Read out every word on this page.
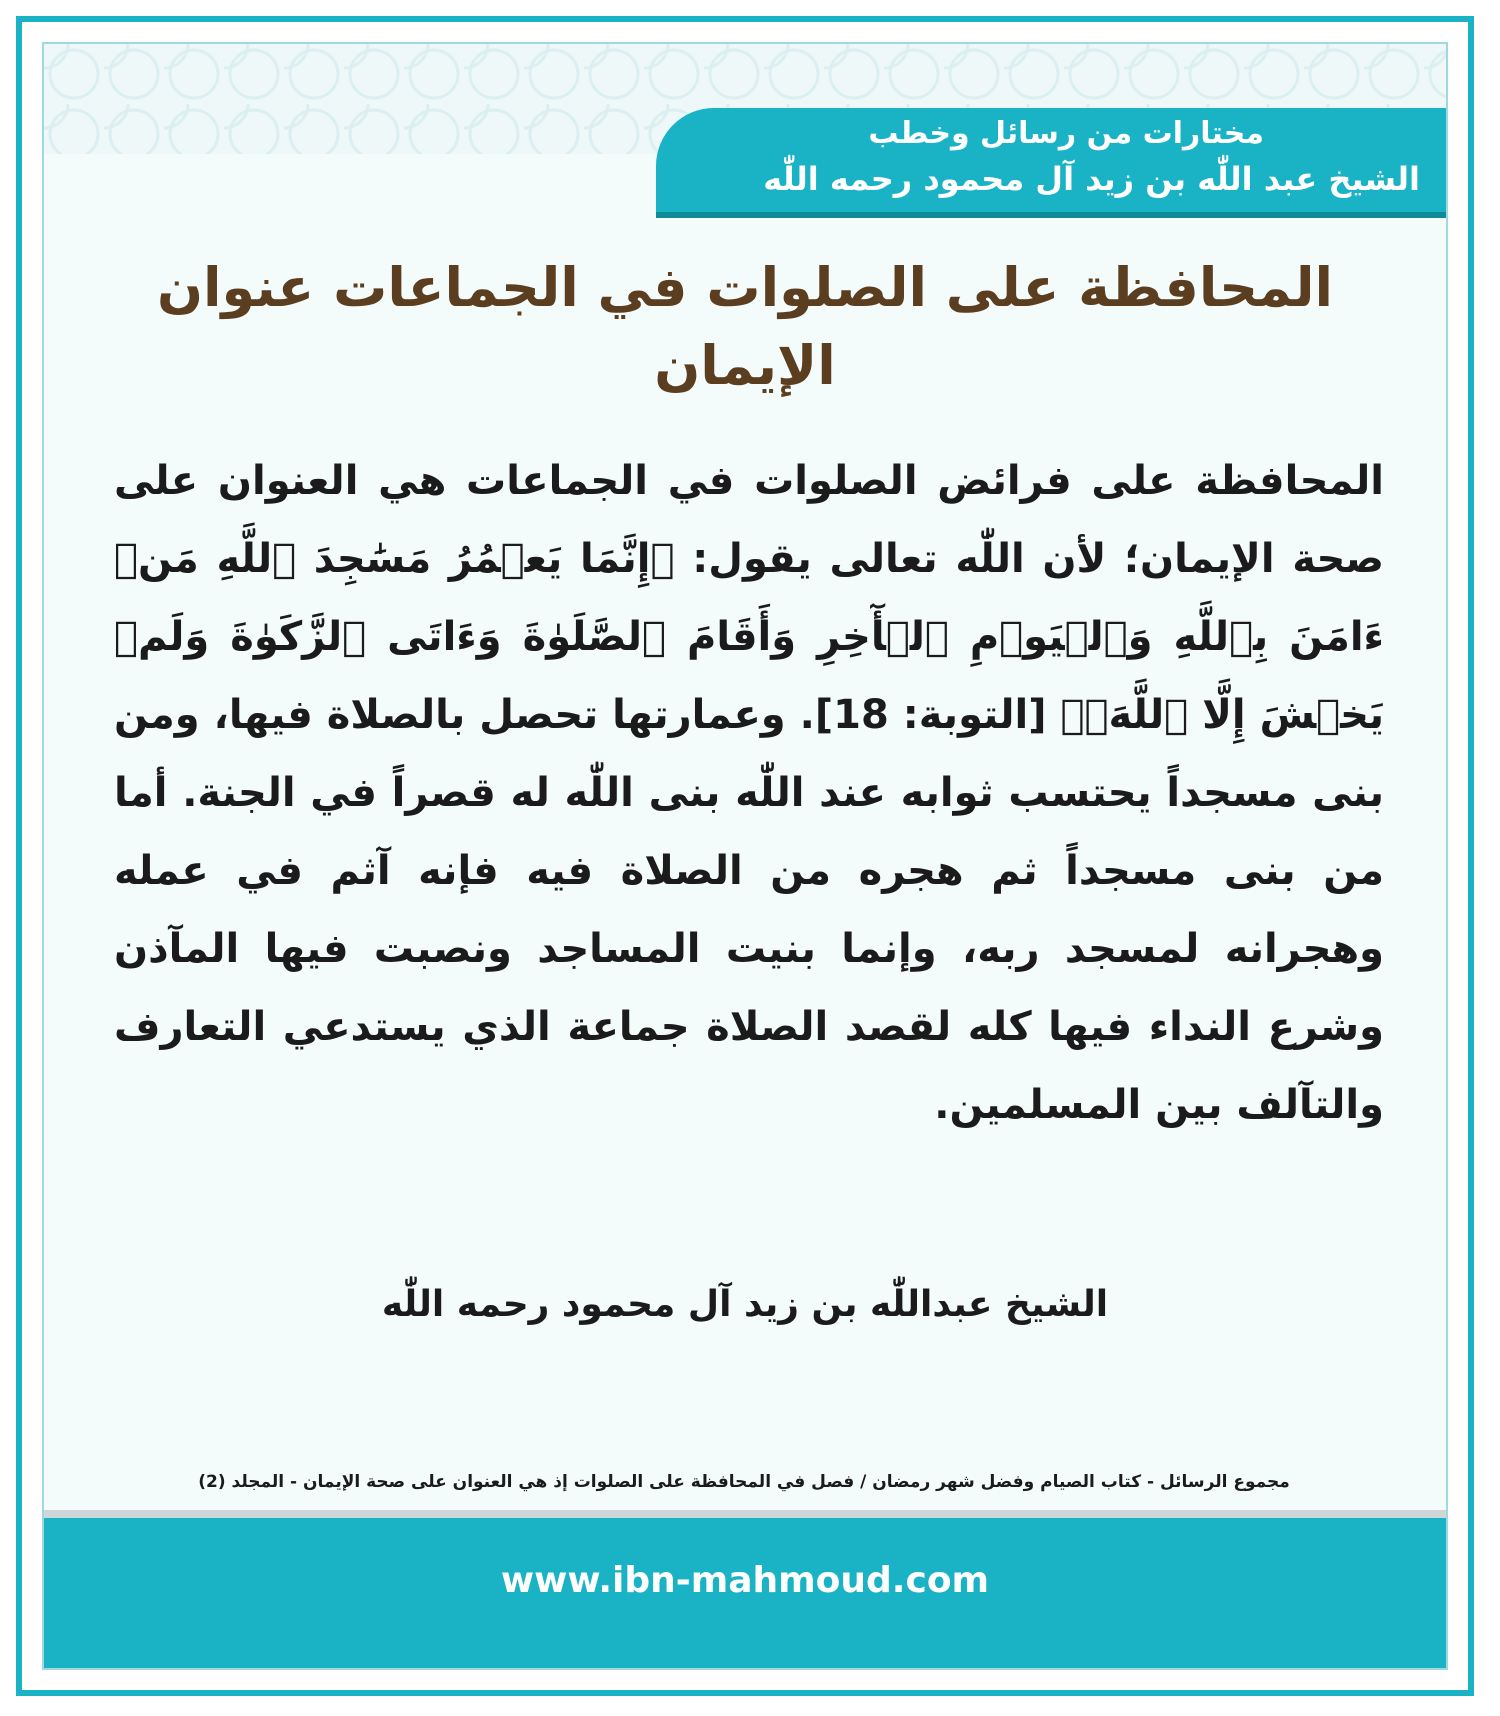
مختارات من رسائل وخطب
الشيخ عبد اللّٰه بن زيد آل محمود رحمه اللّٰه
المحافظة على الصلوات في الجماعات عنوان الإيمان
المحافظة على فرائض الصلوات في الجماعات هي العنوان على صحة الإيمان؛ لأن اللّٰه تعالى يقول: ﴿إِنَّمَا يَعۡمُرُ مَسَٰجِدَ ٱللَّهِ مَنۡ ءَامَنَ بِٱللَّهِ وَٱلۡيَوۡمِ ٱلۡأٓخِرِ وَأَقَامَ ٱلصَّلَوٰةَ وَءَاتَى ٱلزَّكَوٰةَ وَلَمۡ يَخۡشَ إِلَّا ٱللَّهَۖ﴾ [التوبة: 18]. وعمارتها تحصل بالصلاة فيها، ومن بنى مسجداً يحتسب ثوابه عند اللّٰه بنى اللّٰه له قصراً في الجنة. أما من بنى مسجداً ثم هجره من الصلاة فيه فإنه آثم في عمله وهجرانه لمسجد ربه، وإنما بنيت المساجد ونصبت فيها المآذن وشرع النداء فيها كله لقصد الصلاة جماعة الذي يستدعي التعارف والتآلف بين المسلمين.
الشيخ عبداللّٰه بن زيد آل محمود رحمه اللّٰه
مجموع الرسائل - كتاب الصيام وفضل شهر رمضان / فصل في المحافظة على الصلوات إذ هي العنوان على صحة الإيمان - المجلد (2)
www.ibn-mahmoud.com
